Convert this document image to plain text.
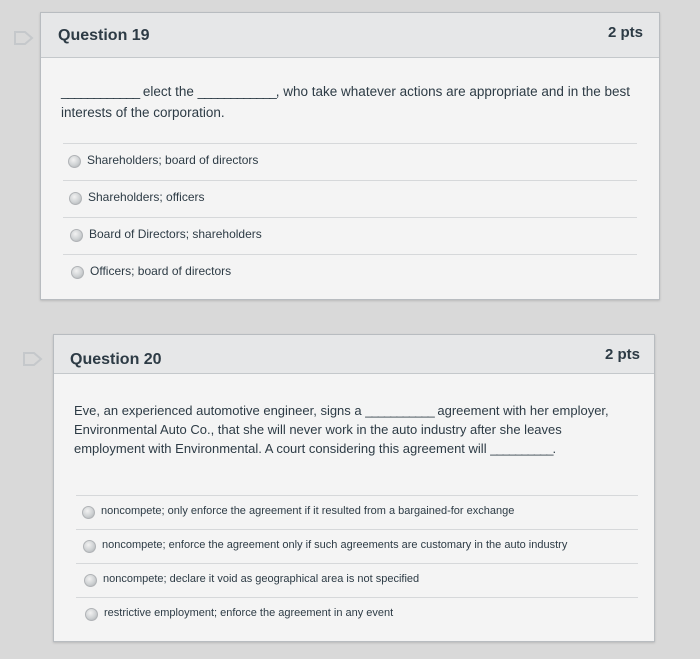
Question 19	2 pts
____________ elect the ____________, who take whatever actions are appropriate and in the best
interests of the corporation.
Shareholders; board of directors
Shareholders; officers
Board of Directors; shareholders
Officers; board of directors
Question 20	2 pts
Eve, an experienced automotive engineer, signs a ___________ agreement with her employer,
Environmental Auto Co., that she will never work in the auto industry after she leaves
employment with Environmental. A court considering this agreement will __________.
noncompete; only enforce the agreement if it resulted from a bargained-for exchange
noncompete; enforce the agreement only if such agreements are customary in the auto industry
noncompete; declare it void as geographical area is not specified
restrictive employment; enforce the agreement in any event
